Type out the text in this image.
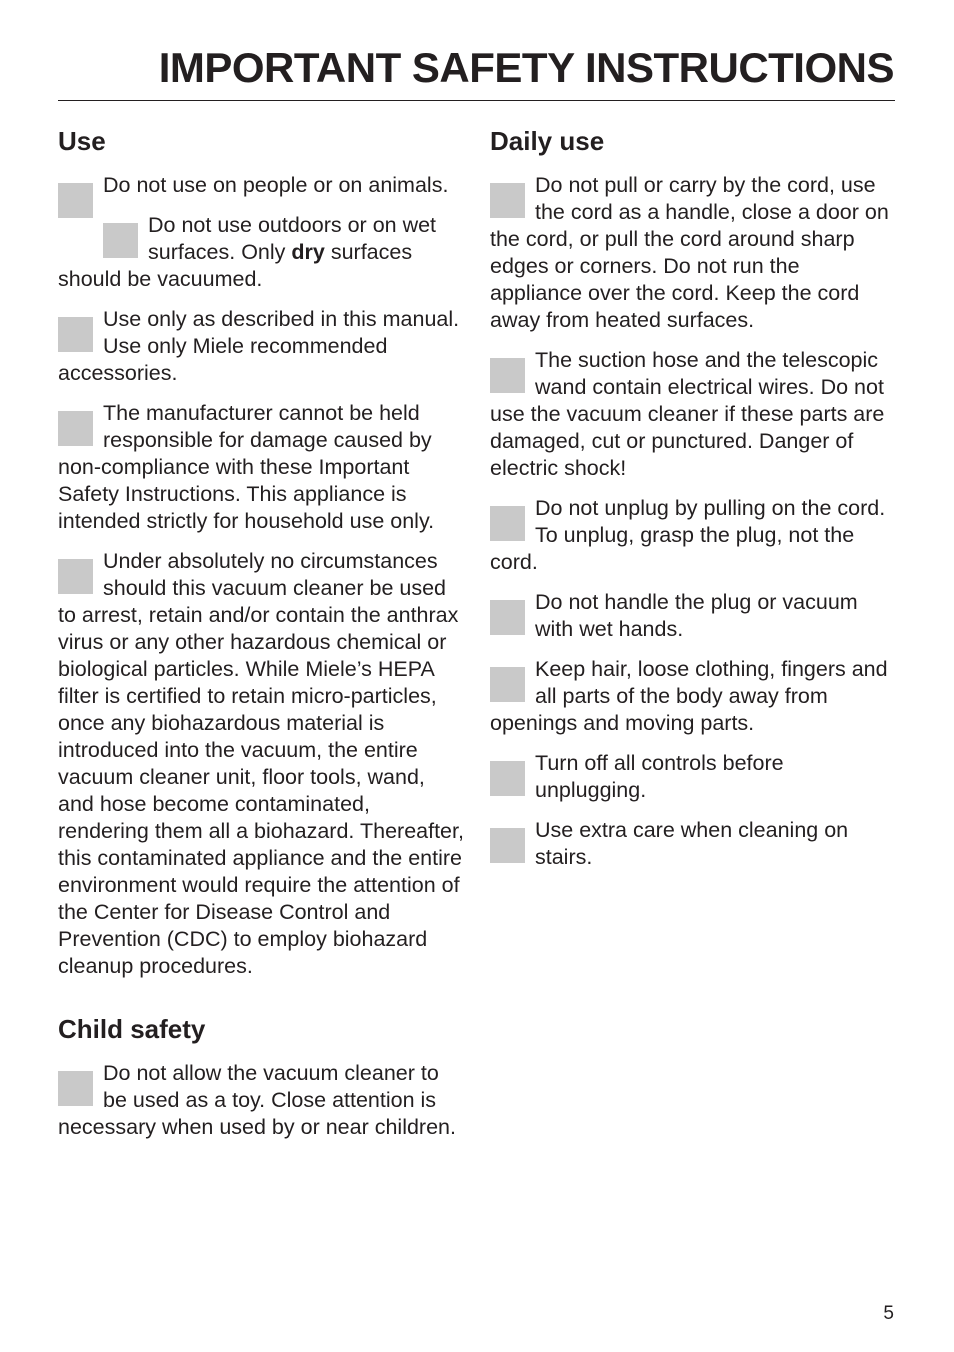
IMPORTANT SAFETY INSTRUCTIONS
Use
Do not use on people or on animals.
Do not use outdoors or on wet surfaces. Only dry surfaces should be vacuumed.
Use only as described in this manual. Use only Miele recommended accessories.
The manufacturer cannot be held responsible for damage caused by non-compliance with these Important Safety Instructions. This appliance is intended strictly for household use only.
Under absolutely no circumstances should this vacuum cleaner be used to arrest, retain and/or contain the anthrax virus or any other hazardous chemical or biological particles. While Miele’s HEPA filter is certified to retain micro-particles, once any biohazardous material is introduced into the vacuum, the entire vacuum cleaner unit, floor tools, wand, and hose become contaminated, rendering them all a biohazard. Thereafter, this contaminated appliance and the entire environment would require the attention of the Center for Disease Control and Prevention (CDC) to employ biohazard cleanup procedures.
Child safety
Do not allow the vacuum cleaner to be used as a toy. Close attention is necessary when used by or near children.
Daily use
Do not pull or carry by the cord, use the cord as a handle, close a door on the cord, or pull the cord around sharp edges or corners. Do not run the appliance over the cord. Keep the cord away from heated surfaces.
The suction hose and the telescopic wand contain electrical wires. Do not use the vacuum cleaner if these parts are damaged, cut or punctured. Danger of electric shock!
Do not unplug by pulling on the cord. To unplug, grasp the plug, not the cord.
Do not handle the plug or vacuum with wet hands.
Keep hair, loose clothing, fingers and all parts of the body away from openings and moving parts.
Turn off all controls before unplugging.
Use extra care when cleaning on stairs.
5
